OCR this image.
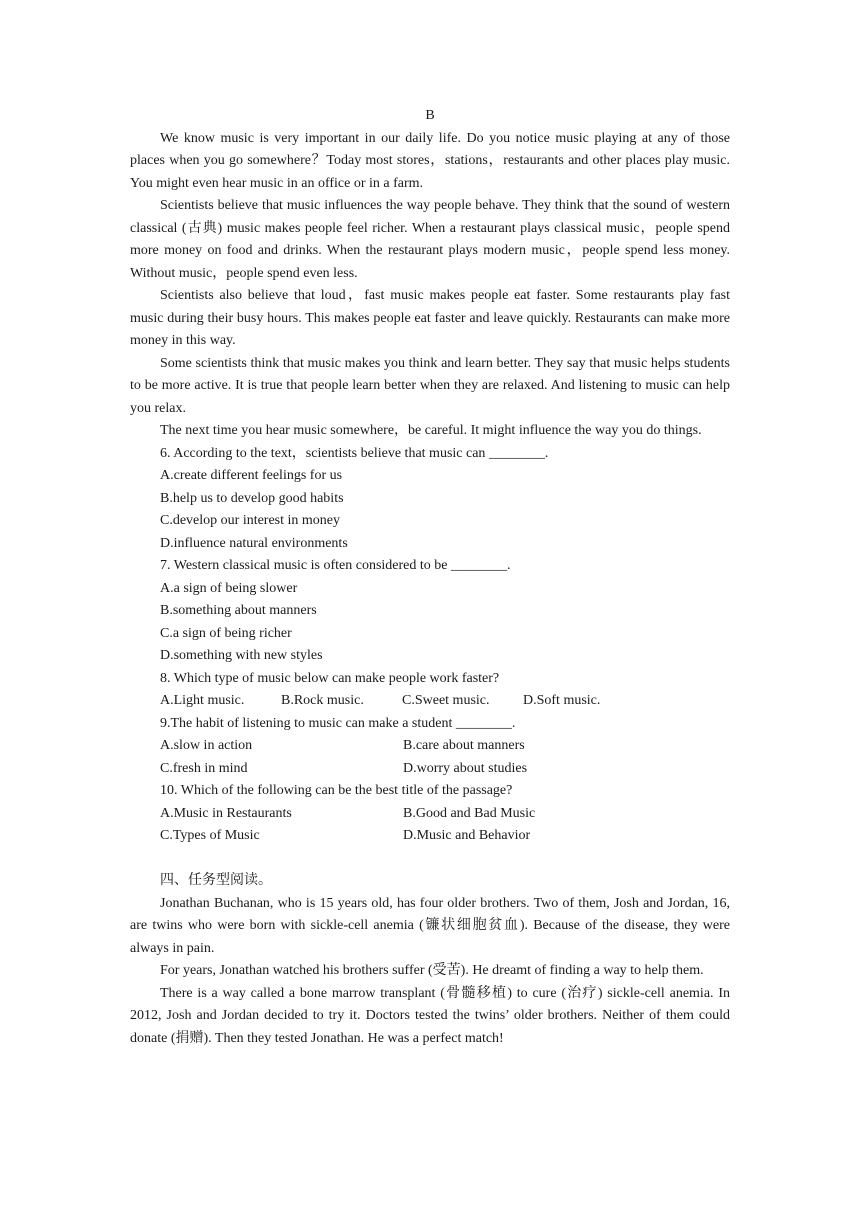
B

We know music is very important in our daily life. Do you notice music playing at any of those places when you go somewhere？Today most stores，stations，restaurants and other places play music. You might even hear music in an office or in a farm.

Scientists believe that music influences the way people behave. They think that the sound of western classical (古典) music makes people feel richer. When a restaurant plays classical music，people spend more money on food and drinks. When the restaurant plays modern music，people spend less money. Without music，people spend even less.

Scientists also believe that loud，fast music makes people eat faster. Some restaurants play fast music during their busy hours. This makes people eat faster and leave quickly. Restaurants can make more money in this way.

Some scientists think that music makes you think and learn better. They say that music helps students to be more active. It is true that people learn better when they are relaxed. And listening to music can help you relax.

The next time you hear music somewhere，be careful. It might influence the way you do things.

6. According to the text，scientists believe that music can ________.

A.create different feelings for us

B.help us to develop good habits

C.develop our interest in money

D.influence natural environments

7. Western classical music is often considered to be ________.

A.a sign of being slower

B.something about manners

C.a sign of being richer

D.something with new styles

8. Which type of music below can make people work faster?

A.Light music.	B.Rock music.	C.Sweet music. D.Soft music.

9.The habit of listening to music can make a student ________.

A.slow in action	B.care about manners

C.fresh in mind	D.worry about studies

10. Which of the following can be the best title of the passage?

A.Music in Restaurants	B.Good and Bad Music

C.Types of Music	D.Music and Behavior

四、任务型阅读。

Jonathan Buchanan, who is 15 years old, has four older brothers. Two of them, Josh and Jordan, 16, are twins who were born with sickle-cell anemia (镰状细胞贫血). Because of the disease, they were always in pain.

For years, Jonathan watched his brothers suffer (受苦). He dreamt of finding a way to help them.

There is a way called a bone marrow transplant (骨髓移植) to cure (治疗) sickle-cell anemia. In 2012, Josh and Jordan decided to try it. Doctors tested the twins’ older brothers. Neither of them could donate (捐赠). Then they tested Jonathan. He was a perfect match!
